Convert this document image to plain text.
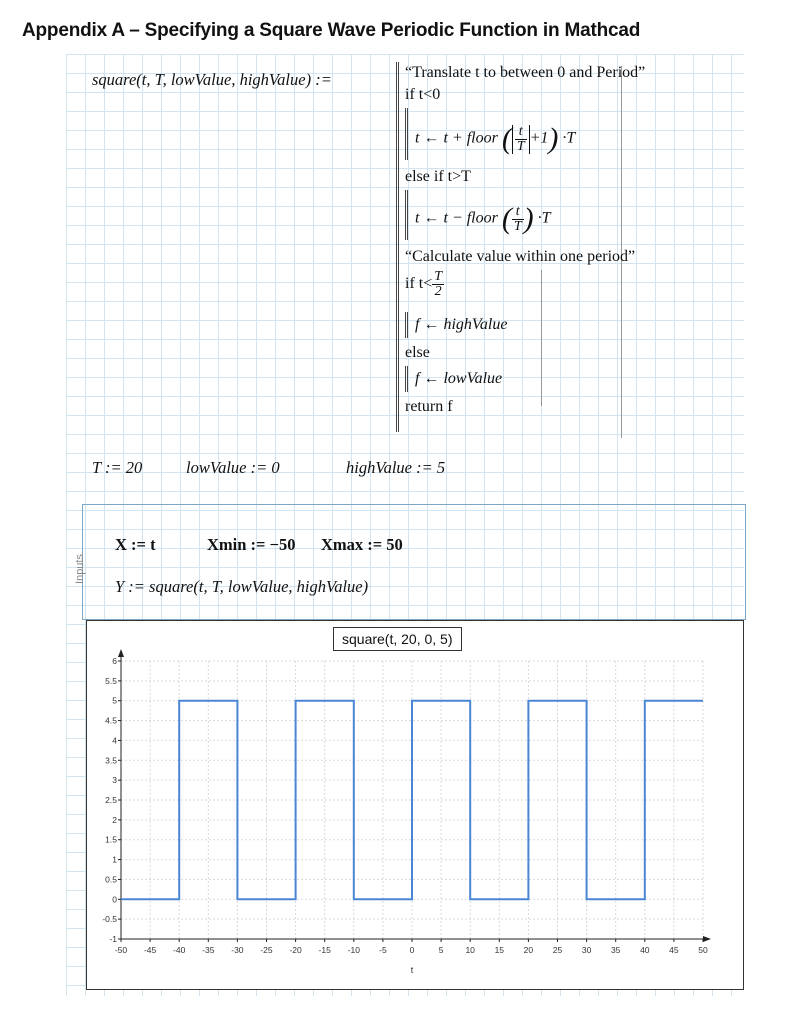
Appendix A – Specifying a Square Wave Periodic Function in Mathcad
square(t, T, lowValue, highValue) :=	“Translate t to between 0 and Period”
if t<0
t ← t + floor ( $\frac{t}{T} +1) \cdot T$
else if t>T
t ← t − floor ( $\frac{t}{T}$ ) ·T
“Calculate value within one period”
if $t< \frac{T}{2}$
f ← highValue
else
f ← lowValue
return f
T := 20	lowValue := 0	highValue := 5
Inputs
X := t	Xmin := −50 Xmax := 50
Y := square(t, T, lowValue, highValue)
square(t, 20, 0, 5)
-50 -45 -40 -35 -30 -25 -20 -15 -10 -5	0	5	10 15 20 25 30 35 40 45 50
-1
-0.5
0
0.5
1
1.5
2
2.5
3
3.5
4
4.5
5
5.5
6
t
